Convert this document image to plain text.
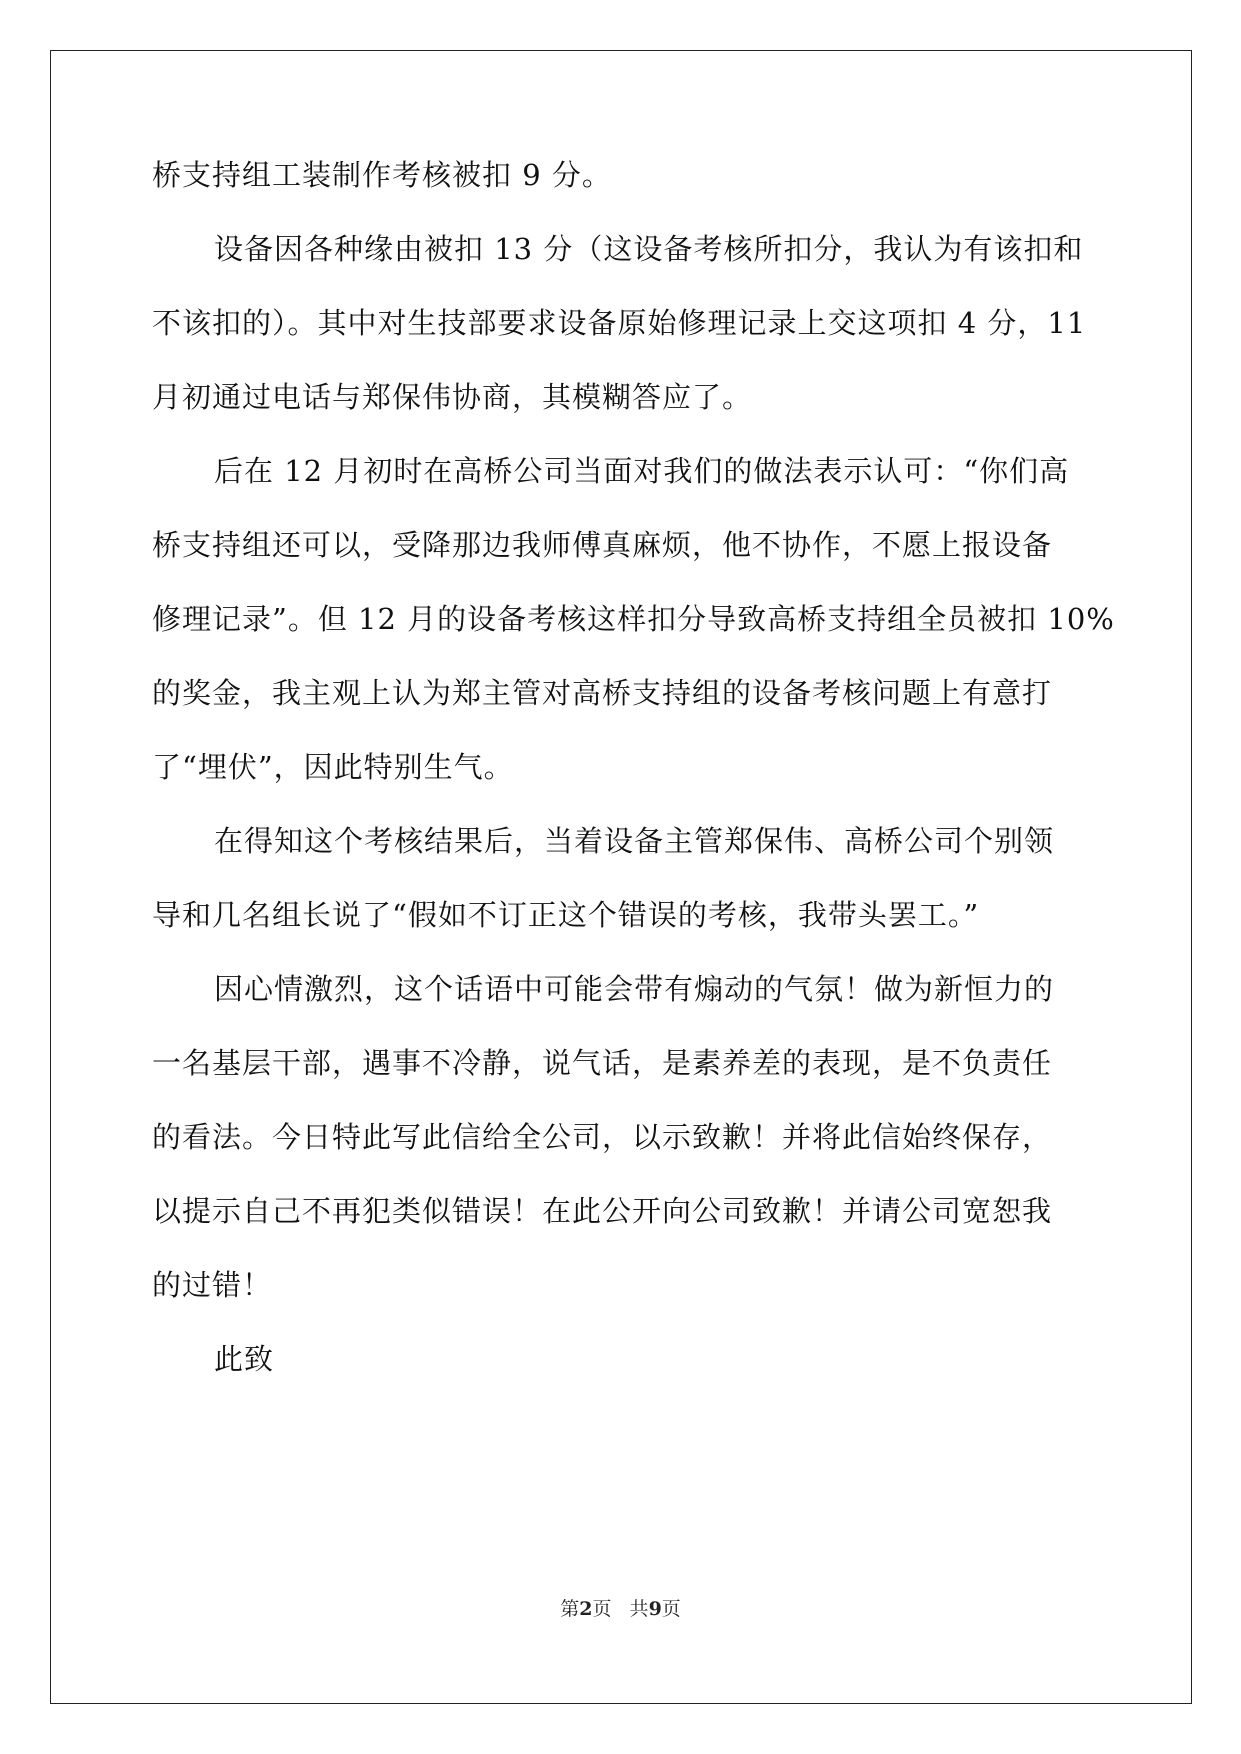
桥支持组工装制作考核被扣 9 分。
设备因各种缘由被扣 13 分（这设备考核所扣分，我认为有该扣和
不该扣的）。其中对生技部要求设备原始修理记录上交这项扣 4 分，11
月初通过电话与郑保伟协商，其模糊答应了。
后在 12 月初时在高桥公司当面对我们的做法表示认可：“你们高
桥支持组还可以，受降那边我师傅真麻烦，他不协作，不愿上报设备
修理记录”。但 12 月的设备考核这样扣分导致高桥支持组全员被扣 10%
的奖金，我主观上认为郑主管对高桥支持组的设备考核问题上有意打
了“埋伏”，因此特别生气。
在得知这个考核结果后，当着设备主管郑保伟、高桥公司个别领
导和几名组长说了“假如不订正这个错误的考核，我带头罢工。”
因心情激烈，这个话语中可能会带有煽动的气氛！做为新恒力的
一名基层干部，遇事不冷静，说气话，是素养差的表现，是不负责任
的看法。今日特此写此信给全公司，以示致歉！并将此信始终保存，
以提示自己不再犯类似错误！在此公开向公司致歉！并请公司宽恕我
的过错！
此致
第2页   共9页
